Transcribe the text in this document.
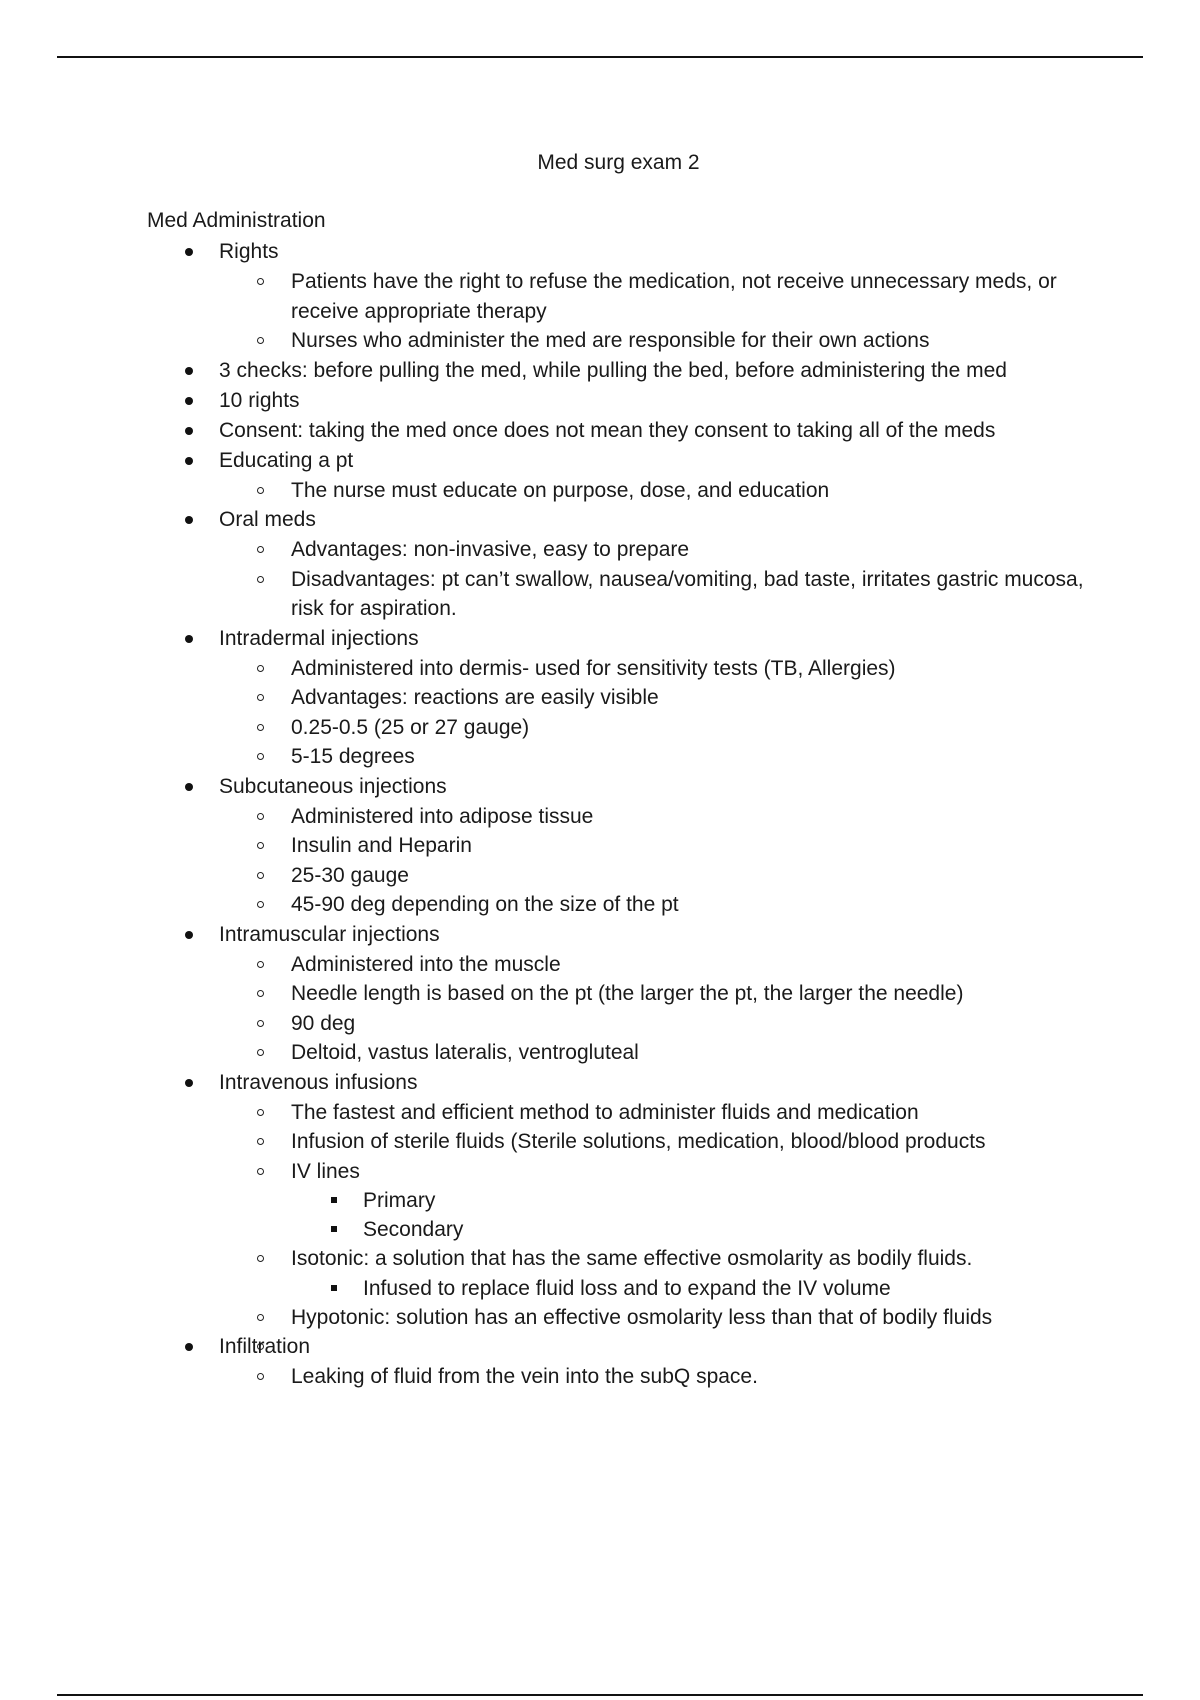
Med surg exam 2
Med Administration
Rights
Patients have the right to refuse the medication, not receive unnecessary meds, or receive appropriate therapy
Nurses who administer the med are responsible for their own actions
3 checks: before pulling the med, while pulling the bed, before administering the med
10 rights
Consent: taking the med once does not mean they consent to taking all of the meds
Educating a pt
The nurse must educate on purpose, dose, and education
Oral meds
Advantages: non-invasive, easy to prepare
Disadvantages: pt can’t swallow, nausea/vomiting, bad taste, irritates gastric mucosa, risk for aspiration.
Intradermal injections
Administered into dermis- used for sensitivity tests (TB, Allergies)
Advantages: reactions are easily visible
0.25-0.5 (25 or 27 gauge)
5-15 degrees
Subcutaneous injections
Administered into adipose tissue
Insulin and Heparin
25-30 gauge
45-90 deg depending on the size of the pt
Intramuscular injections
Administered into the muscle
Needle length is based on the pt (the larger the pt, the larger the needle)
90 deg
Deltoid, vastus lateralis, ventrogluteal
Intravenous infusions
The fastest and efficient method to administer fluids and medication
Infusion of sterile fluids (Sterile solutions, medication, blood/blood products
IV lines
Primary
Secondary
Isotonic: a solution that has the same effective osmolarity as bodily fluids.
Infused to replace fluid loss and to expand the IV volume
Hypotonic: solution has an effective osmolarity less than that of bodily fluids
Infiltration
Leaking of fluid from the vein into the subQ space.
